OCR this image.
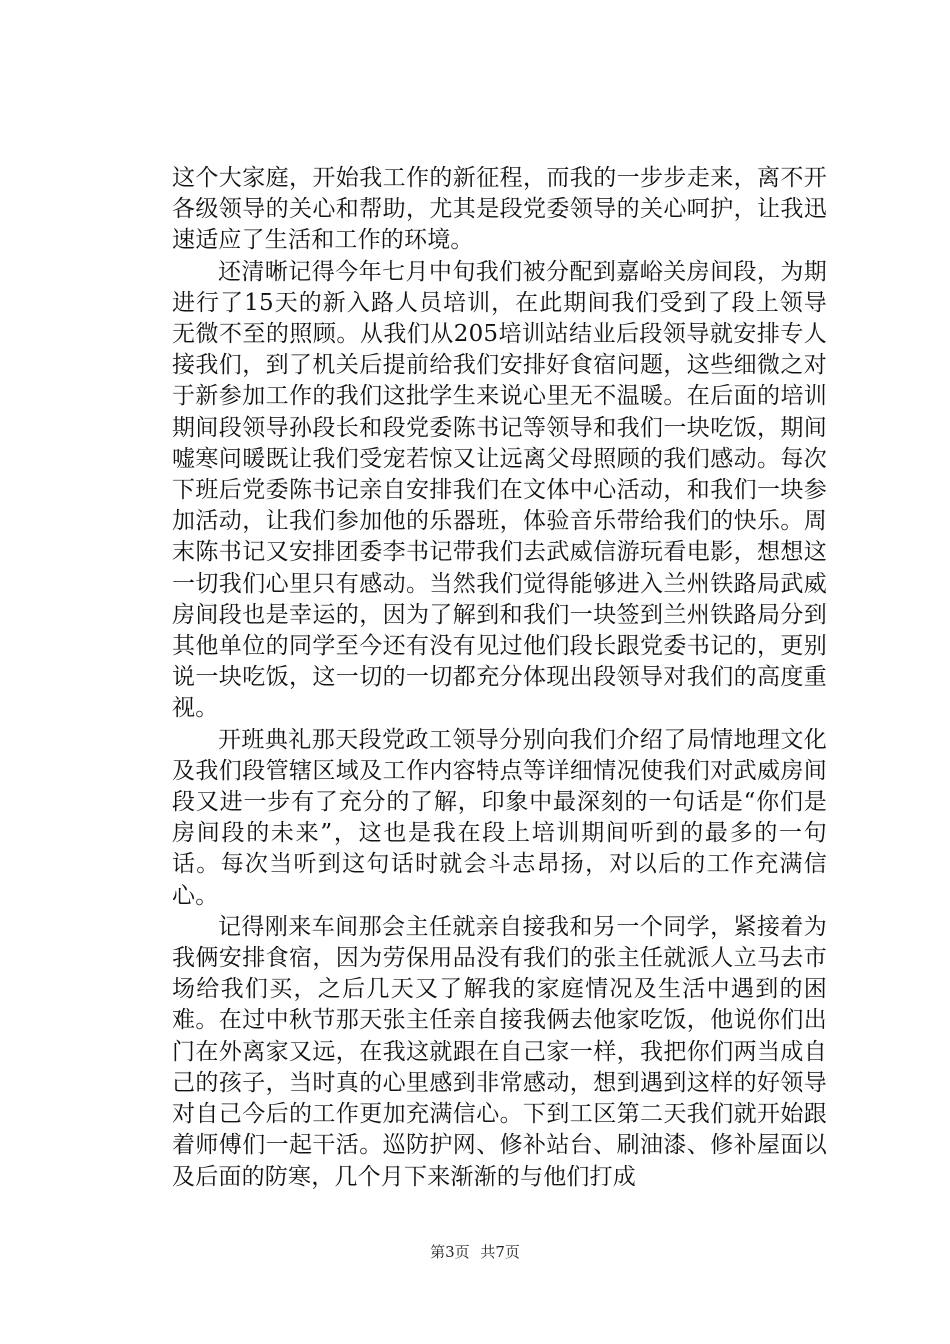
这个大家庭，开始我工作的新征程，而我的一步步走来，离不开各级领导的关心和帮助，尤其是段党委领导的关心呵护，让我迅速适应了生活和工作的环境。

还清晰记得今年七月中旬我们被分配到嘉峪关房间段，为期进行了15天的新入路人员培训，在此期间我们受到了段上领导无微不至的照顾。从我们从205培训站结业后段领导就安排专人接我们，到了机关后提前给我们安排好食宿问题，这些细微之对于新参加工作的我们这批学生来说心里无不温暖。在后面的培训期间段领导孙段长和段党委陈书记等领导和我们一块吃饭，期间嘘寒问暖既让我们受宠若惊又让远离父母照顾的我们感动。每次下班后党委陈书记亲自安排我们在文体中心活动，和我们一块参加活动，让我们参加他的乐器班，体验音乐带给我们的快乐。周末陈书记又安排团委李书记带我们去武威信游玩看电影，想想这一切我们心里只有感动。当然我们觉得能够进入兰州铁路局武威房间段也是幸运的，因为了解到和我们一块签到兰州铁路局分到其他单位的同学至今还有没有见过他们段长跟党委书记的，更别说一块吃饭，这一切的一切都充分体现出段领导对我们的高度重视。

开班典礼那天段党政工领导分别向我们介绍了局情地理文化及我们段管辖区域及工作内容特点等详细情况使我们对武威房间段又进一步有了充分的了解，印象中最深刻的一句话是“你们是房间段的未来”，这也是我在段上培训期间听到的最多的一句话。每次当听到这句话时就会斗志昂扬，对以后的工作充满信心。

记得刚来车间那会主任就亲自接我和另一个同学，紧接着为我俩安排食宿，因为劳保用品没有我们的张主任就派人立马去市场给我们买，之后几天又了解我的家庭情况及生活中遇到的困难。在过中秋节那天张主任亲自接我俩去他家吃饭，他说你们出门在外离家又远，在我这就跟在自己家一样，我把你们两当成自己的孩子，当时真的心里感到非常感动，想到遇到这样的好领导对自己今后的工作更加充满信心。下到工区第二天我们就开始跟着师傅们一起干活。巡防护网、修补站台、刷油漆、修补屋面以及后面的防寒，几个月下来渐渐的与他们打成

第3页 共7页
